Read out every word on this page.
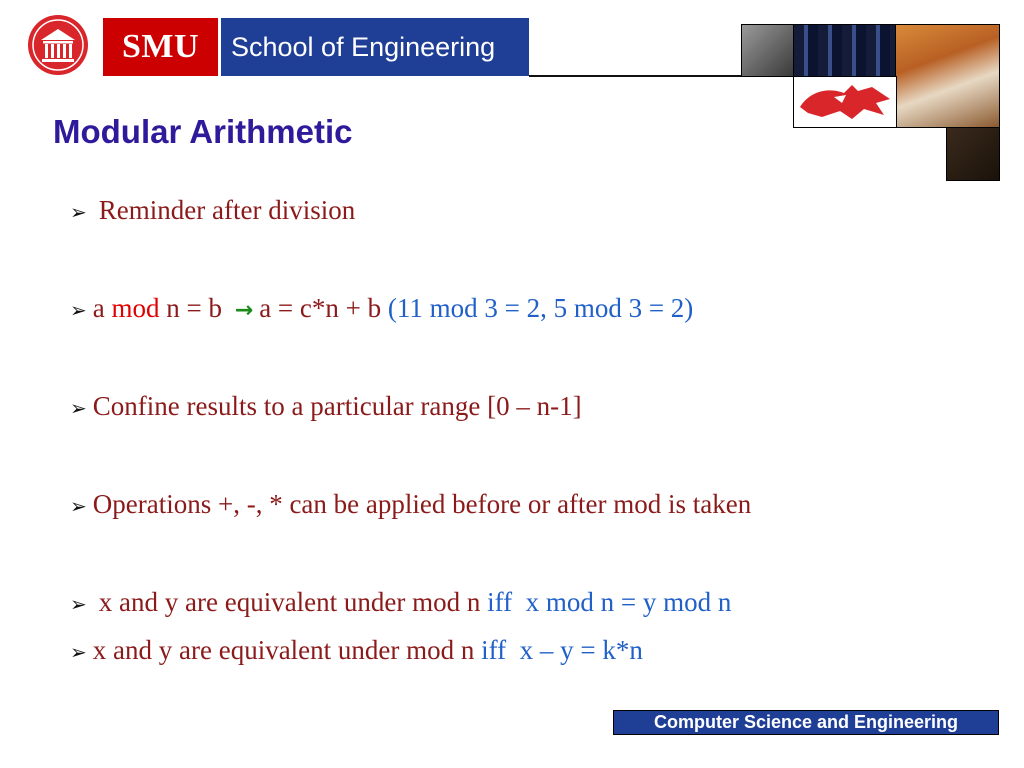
SMU	School of Engineering
Modular Arithmetic
➢ Reminder after division
➢ a mod n = b → a = c*n + b (11 mod 3 = 2, 5 mod 3 = 2)
➢ Confine results to a particular range [0 – n-1]
➢ Operations +, -, * can be applied before or after mod is taken
➢ x and y are equivalent under mod n iff  x mod n = y mod n
➢ x and y are equivalent under mod n iff  x – y = k*n
Computer Science and Engineering
